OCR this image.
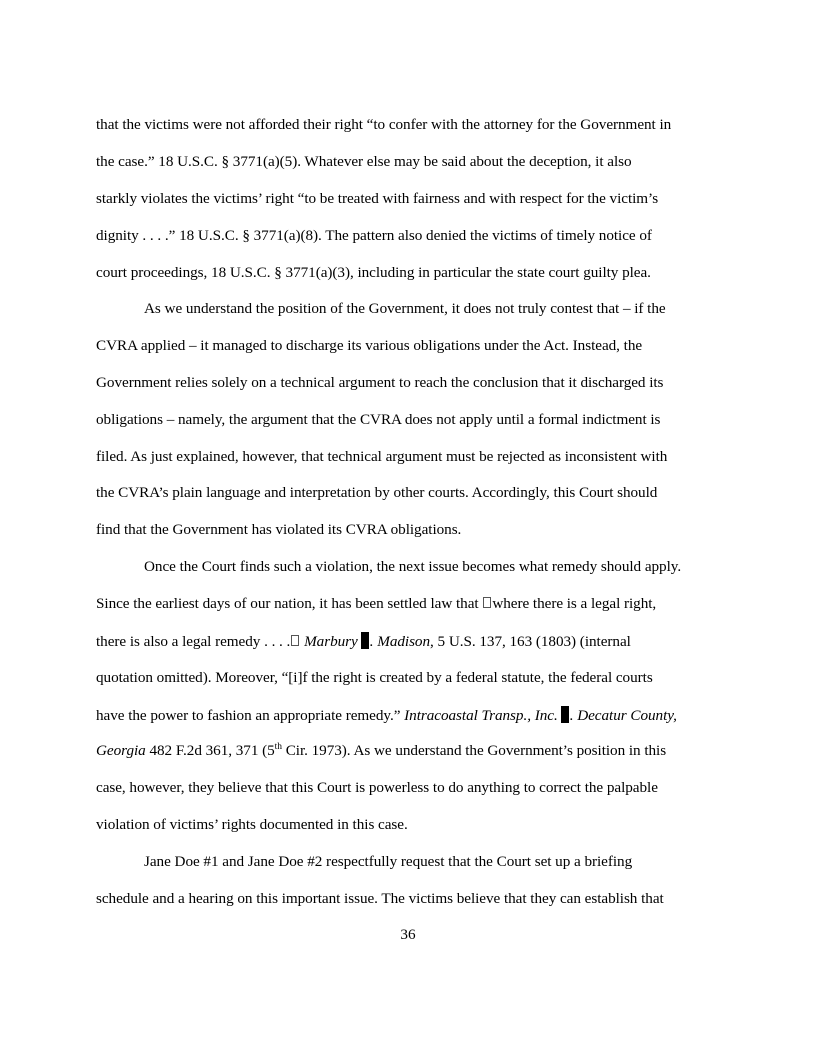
that the victims were not afforded their right “to confer with the attorney for the Government in
the case.” 18 U.S.C. § 3771(a)(5). Whatever else may be said about the deception, it also
starkly violates the victims’ right “to be treated with fairness and with respect for the victim’s
dignity . . . .” 18 U.S.C. § 3771(a)(8). The pattern also denied the victims of timely notice of
court proceedings, 18 U.S.C. § 3771(a)(3), including in particular the state court guilty plea.
As we understand the position of the Government, it does not truly contest that – if the
CVRA applied – it managed to discharge its various obligations under the Act. Instead, the
Government relies solely on a technical argument to reach the conclusion that it discharged its
obligations – namely, the argument that the CVRA does not apply until a formal indictment is
filed. As just explained, however, that technical argument must be rejected as inconsistent with
the CVRA’s plain language and interpretation by other courts. Accordingly, this Court should
find that the Government has violated its CVRA obligations.
Once the Court finds such a violation, the next issue becomes what remedy should apply.
Since the earliest days of our nation, it has been settled law that where there is a legal right,
there is also a legal remedy . . . . Marbury . Madison, 5 U.S. 137, 163 (1803) (internal
quotation omitted). Moreover, “[i]f the right is created by a federal statute, the federal courts
have the power to fashion an appropriate remedy.” Intracoastal Transp., Inc. . Decatur County,
Georgia 482 F.2d 361, 371 (5th Cir. 1973). As we understand the Government’s position in this
case, however, they believe that this Court is powerless to do anything to correct the palpable
violation of victims’ rights documented in this case.
Jane Doe #1 and Jane Doe #2 respectfully request that the Court set up a briefing
schedule and a hearing on this important issue. The victims believe that they can establish that
36
